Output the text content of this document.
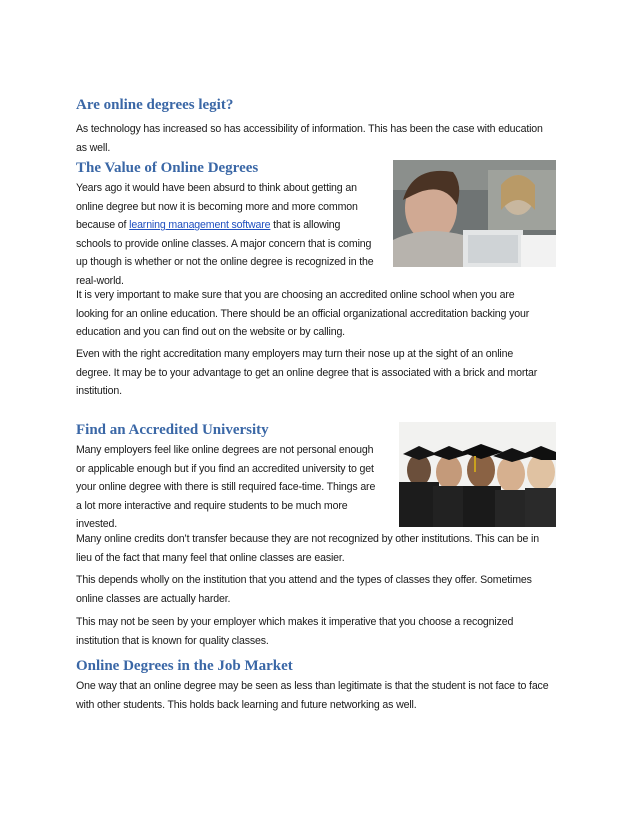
Are online degrees legit?

As technology has increased so has accessibility of information. This has been the case with education
as well.

The Value of Online Degrees

Years ago it would have been absurd to think about getting an
online degree but now it is becoming more and more common
because of learning management software that is allowing
schools to provide online classes. A major concern that is coming
up though is whether or not the online degree is recognized in the
real-world.

It is very important to make sure that you are choosing an accredited online school when you are
looking for an online education. There should be an official organizational accreditation backing your
education and you can find out on the website or by calling.

Even with the right accreditation many employers may turn their nose up at the sight of an online
degree. It may be to your advantage to get an online degree that is associated with a brick and mortar
institution.

Find an Accredited University

Many employers feel like online degrees are not personal enough
or applicable enough but if you find an accredited university to get
your online degree with there is still required face-time. Things are
a lot more interactive and require students to be much more
invested.

Many online credits don’t transfer because they are not recognized by other institutions. This can be in
lieu of the fact that many feel that online classes are easier.

This depends wholly on the institution that you attend and the types of classes they offer. Sometimes
online classes are actually harder.

This may not be seen by your employer which makes it imperative that you choose a recognized
institution that is known for quality classes.

Online Degrees in the Job Market

One way that an online degree may be seen as less than legitimate is that the student is not face to face
with other students. This holds back learning and future networking as well.
